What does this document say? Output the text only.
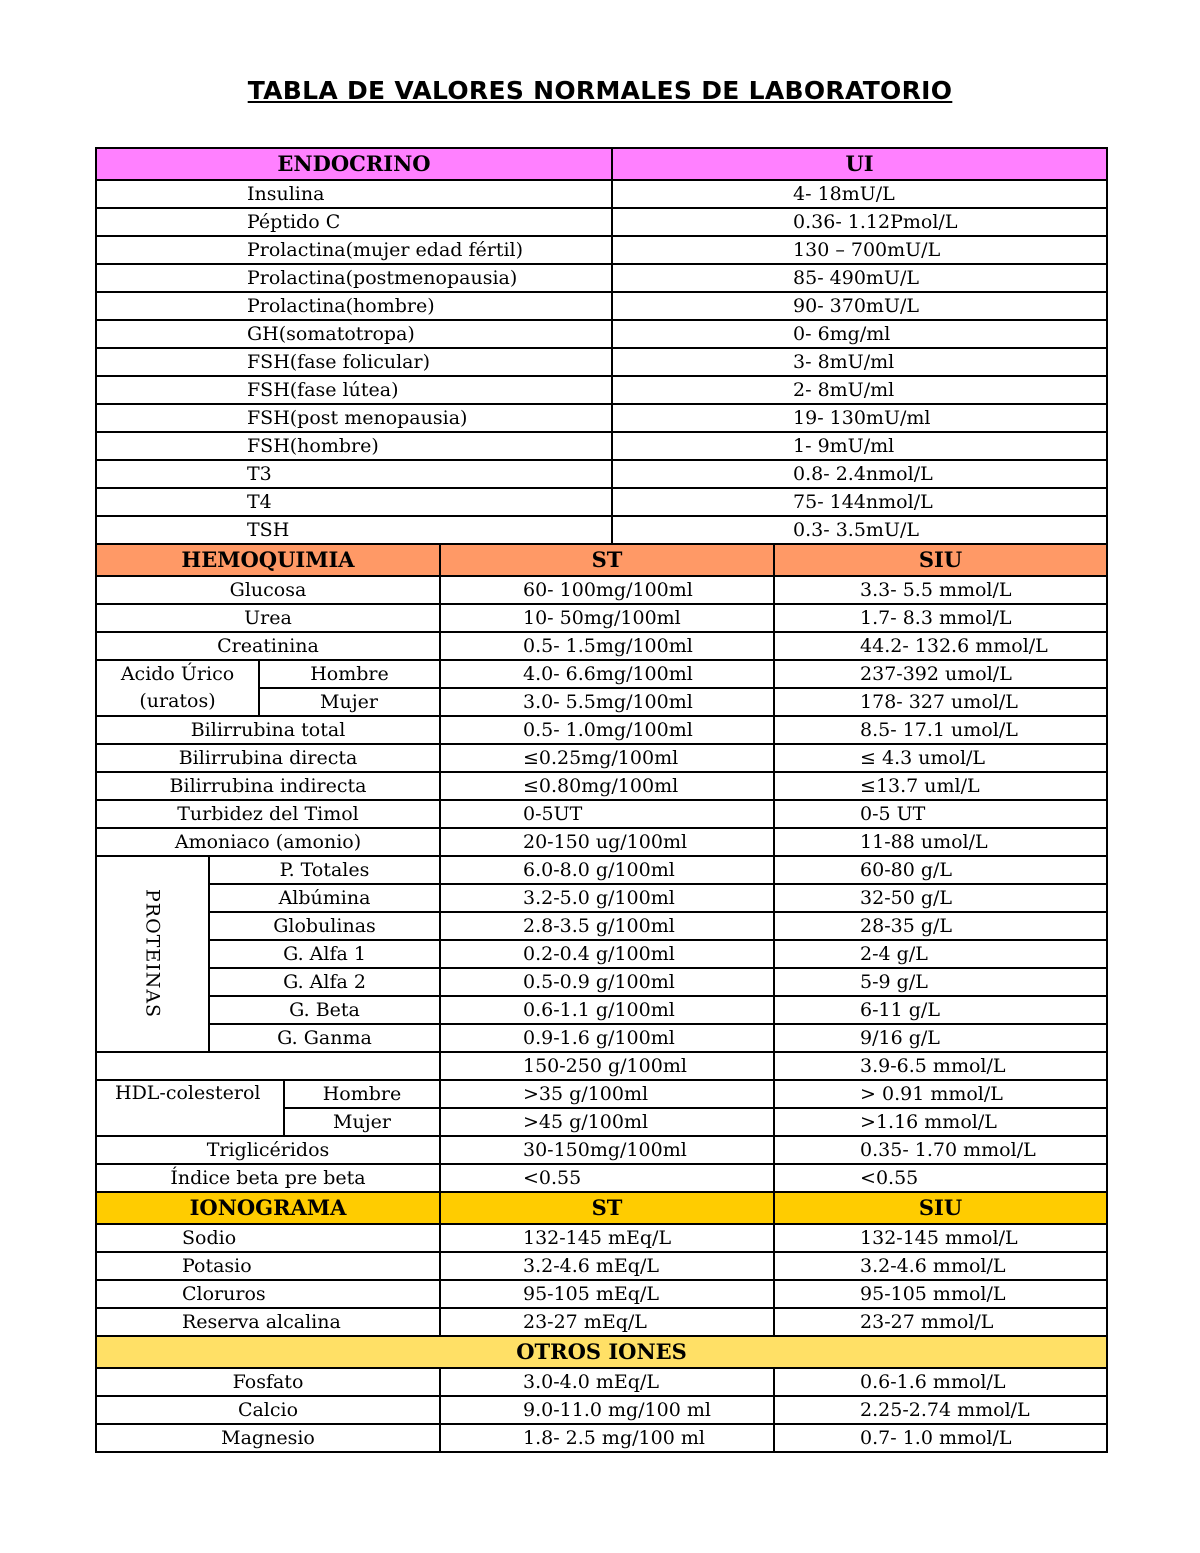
TABLA DE VALORES NORMALES DE LABORATORIO
ENDOCRINO					UI	
Insulina					4- 18mU/L	
Péptido C					0.36- 1.12Pmol/L	
Prolactina(mujer edad fértil)					130 – 700mU/L	
Prolactina(postmenopausia)					85- 490mU/L	
Prolactina(hombre)					90- 370mU/L	
GH(somatotropa)					0- 6mg/ml	
FSH(fase folicular)					3- 8mU/ml	
FSH(fase lútea)					2- 8mU/ml	
FSH(post menopausia)					19- 130mU/ml	
FSH(hombre)					1- 9mU/ml	
T3					0.8- 2.4nmol/L	
T4					75- 144nmol/L	
TSH					0.3- 3.5mU/L	
HEMOQUIMIA				ST		SIU
Glucosa				60- 100mg/100ml		3.3- 5.5 mmol/L
Urea				10- 50mg/100ml		1.7- 8.3 mmol/L
Creatinina				0.5- 1.5mg/100ml		44.2- 132.6 mmol/L

Acido Úrico
(uratos)		Hombre		4.0- 6.6mg/100ml		237-392 umol/L
		Mujer		3.0- 5.5mg/100ml		178- 327 umol/L
Bilirrubina total				0.5- 1.0mg/100ml		8.5- 17.1 umol/L
Bilirrubina directa				≤0.25mg/100ml		≤ 4.3 umol/L
Bilirrubina indirecta				≤0.80mg/100ml		≤13.7 uml/L
Turbidez del Timol				0-5UT		0-5 UT
Amoniaco (amonio)				20-150 ug/100ml		11-88 umol/L

PROTEINAS	P. Totales			6.0-8.0 g/100ml		60-80 g/L
	Albúmina			3.2-5.0 g/100ml		32-50 g/L
	Globulinas			2.8-3.5 g/100ml		28-35 g/L
	G. Alfa 1			0.2-0.4 g/100ml		2-4 g/L
	G. Alfa 2			0.5-0.9 g/100ml		5-9 g/L
	G. Beta			0.6-1.1 g/100ml		6-11 g/L
	G. Ganma			0.9-1.6 g/100ml		9/16 g/L
				150-250 g/100ml		3.9-6.5 mmol/L
HDL-colesterol			Hombre	>35 g/100ml		> 0.91 mmol/L
			Mujer	>45 g/100ml		>1.16 mmol/L
Triglicéridos				30-150mg/100ml		0.35- 1.70 mmol/L
Índice beta pre beta				<0.55		<0.55
IONOGRAMA				ST		SIU
Sodio				132-145 mEq/L		132-145 mmol/L
Potasio				3.2-4.6 mEq/L		3.2-4.6 mmol/L
Cloruros				95-105 mEq/L		95-105 mmol/L
Reserva alcalina				23-27 mEq/L		23-27 mmol/L
OTROS IONES						
Fosfato				3.0-4.0 mEq/L		0.6-1.6 mmol/L
Calcio				9.0-11.0 mg/100 ml		2.25-2.74 mmol/L
Magnesio				1.8- 2.5 mg/100 ml		0.7- 1.0 mmol/L
